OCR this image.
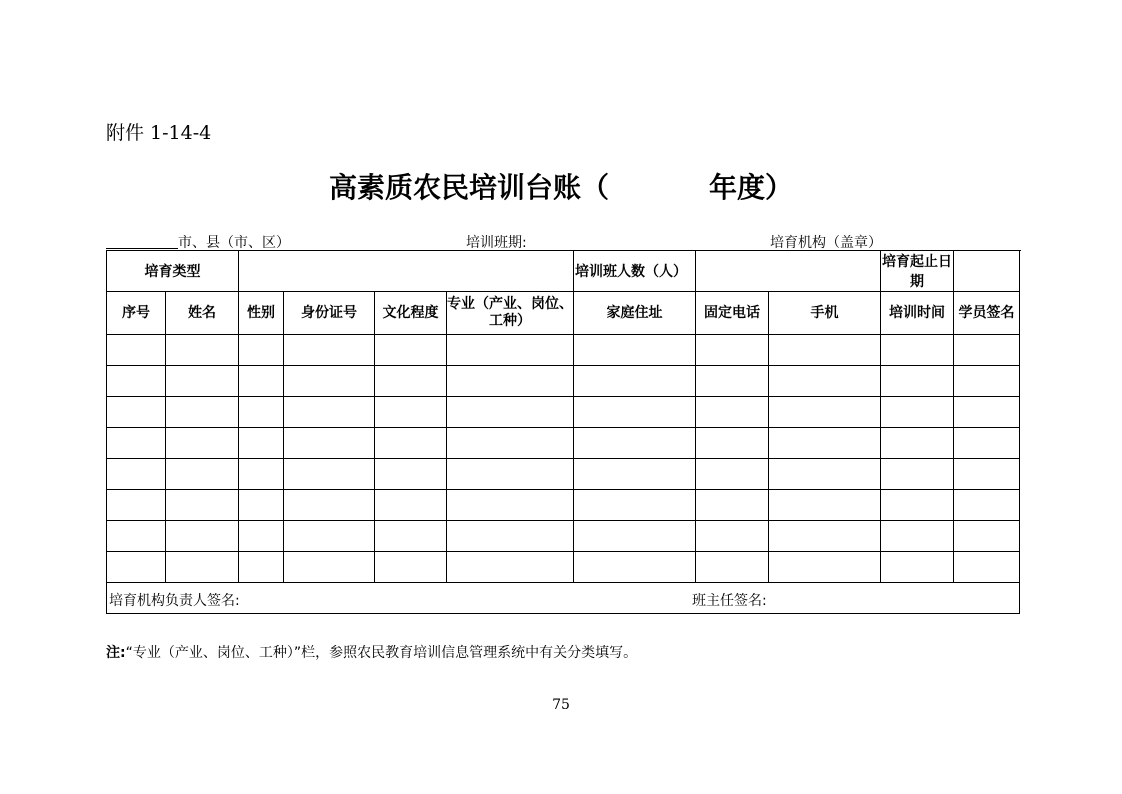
附件 1-14-4
高素质农民培训台账（	年度）
市、县（市、区）	培训班期:	培育机构（盖章）
培育类型						培训班人数（人）			培育起止日期	
序号	姓名	性别	身份证号	文化程度	专业（产业、岗位、
工种）	家庭住址	固定电话	手机	培训时间	学员签名

培育机构负责人签名: 班主任签名:										
注:“专业（产业、岗位、工种）”栏，参照农民教育培训信息管理系统中有关分类填写。
75
